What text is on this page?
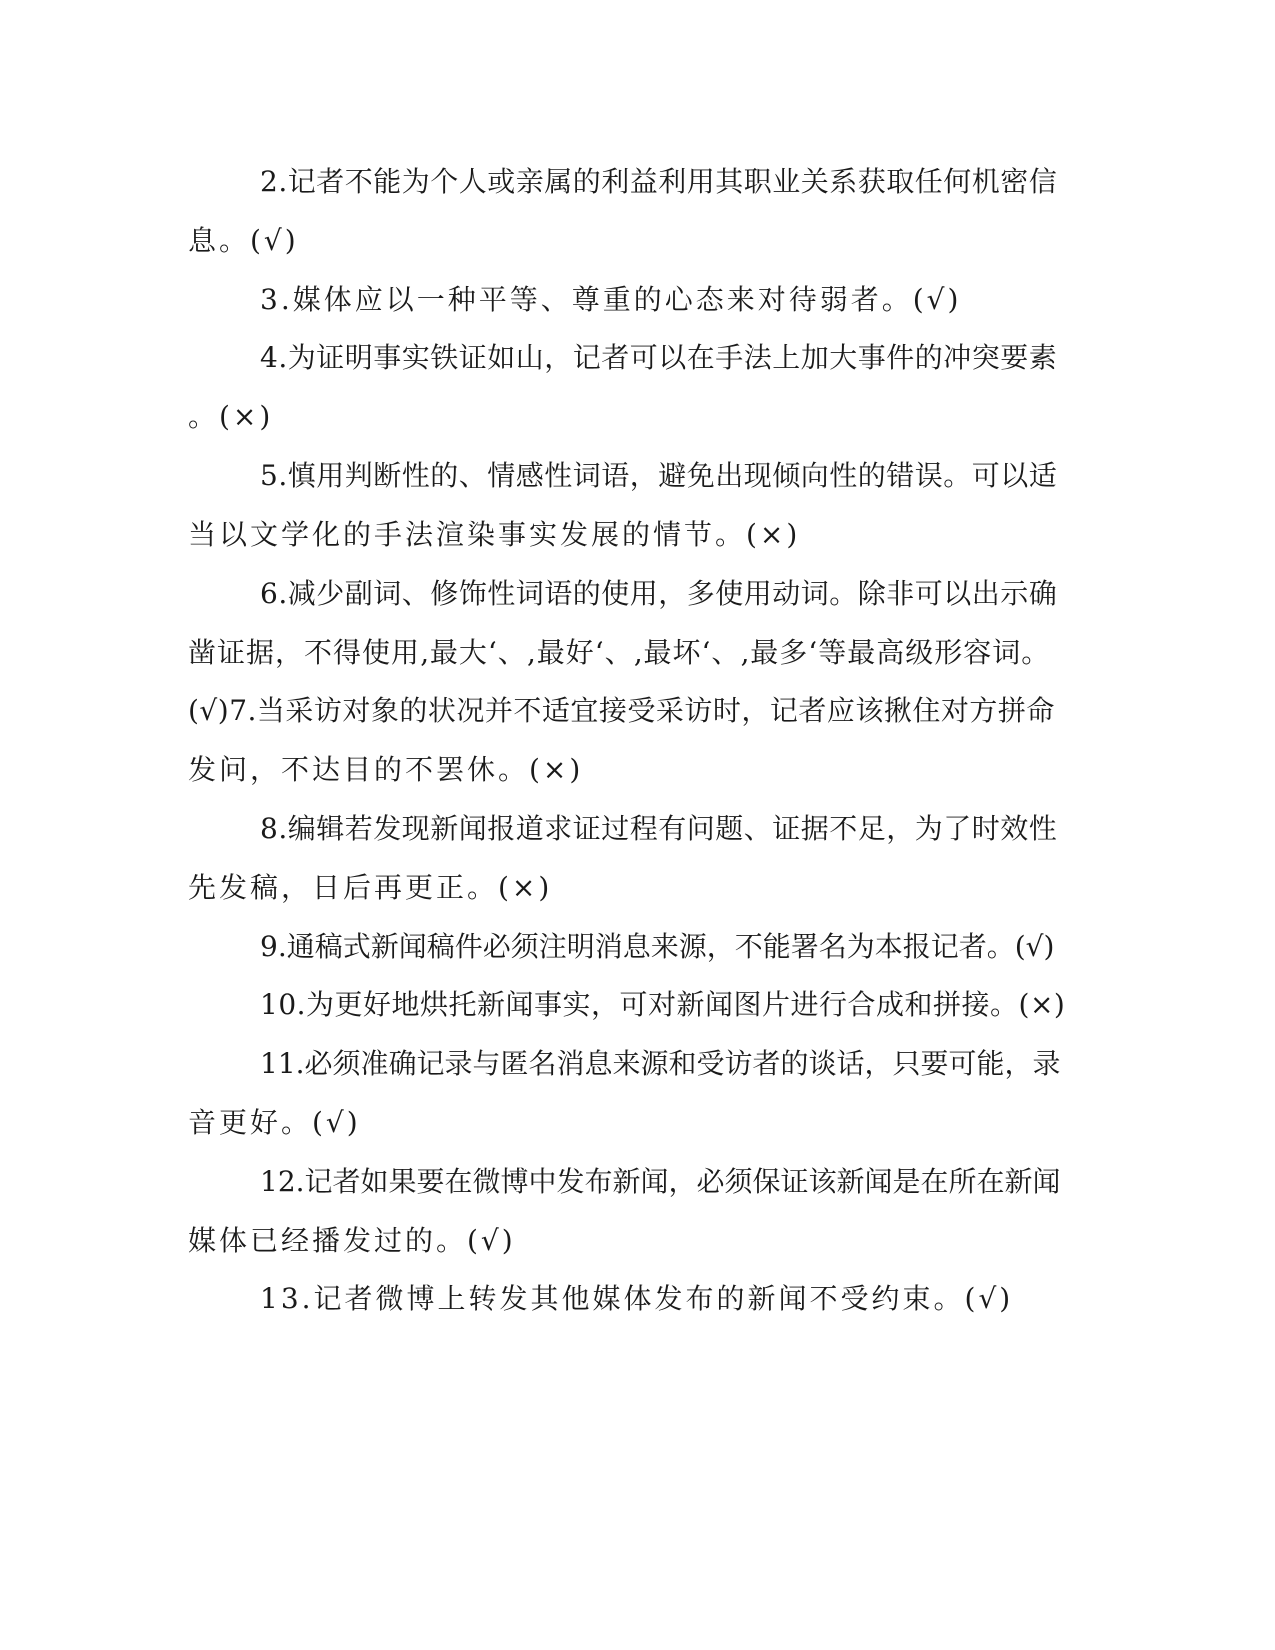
2.记者不能为个人或亲属的利益利用其职业关系获取任何机密信
息。(√)
3.媒体应以一种平等、尊重的心态来对待弱者。(√)
4.为证明事实铁证如山，记者可以在手法上加大事件的冲突要素
。(×)
5.慎用判断性的、情感性词语，避免出现倾向性的错误。可以适
当以文学化的手法渲染事实发展的情节。(×)
6.减少副词、修饰性词语的使用，多使用动词。除非可以出示确
凿证据，不得使用‚最大‘、‚最好‘、‚最坏‘、‚最多‘等最高级形容词。
(√)7.当采访对象的状况并不适宜接受采访时，记者应该揪住对方拼命
发问，不达目的不罢休。(×)
8.编辑若发现新闻报道求证过程有问题、证据不足，为了时效性
先发稿，日后再更正。(×)
9.通稿式新闻稿件必须注明消息来源，不能署名为本报记者。(√)
10.为更好地烘托新闻事实，可对新闻图片进行合成和拼接。(×)
11.必须准确记录与匿名消息来源和受访者的谈话，只要可能，录
音更好。(√)
12.记者如果要在微博中发布新闻，必须保证该新闻是在所在新闻
媒体已经播发过的。(√)
13.记者微博上转发其他媒体发布的新闻不受约束。(√)
